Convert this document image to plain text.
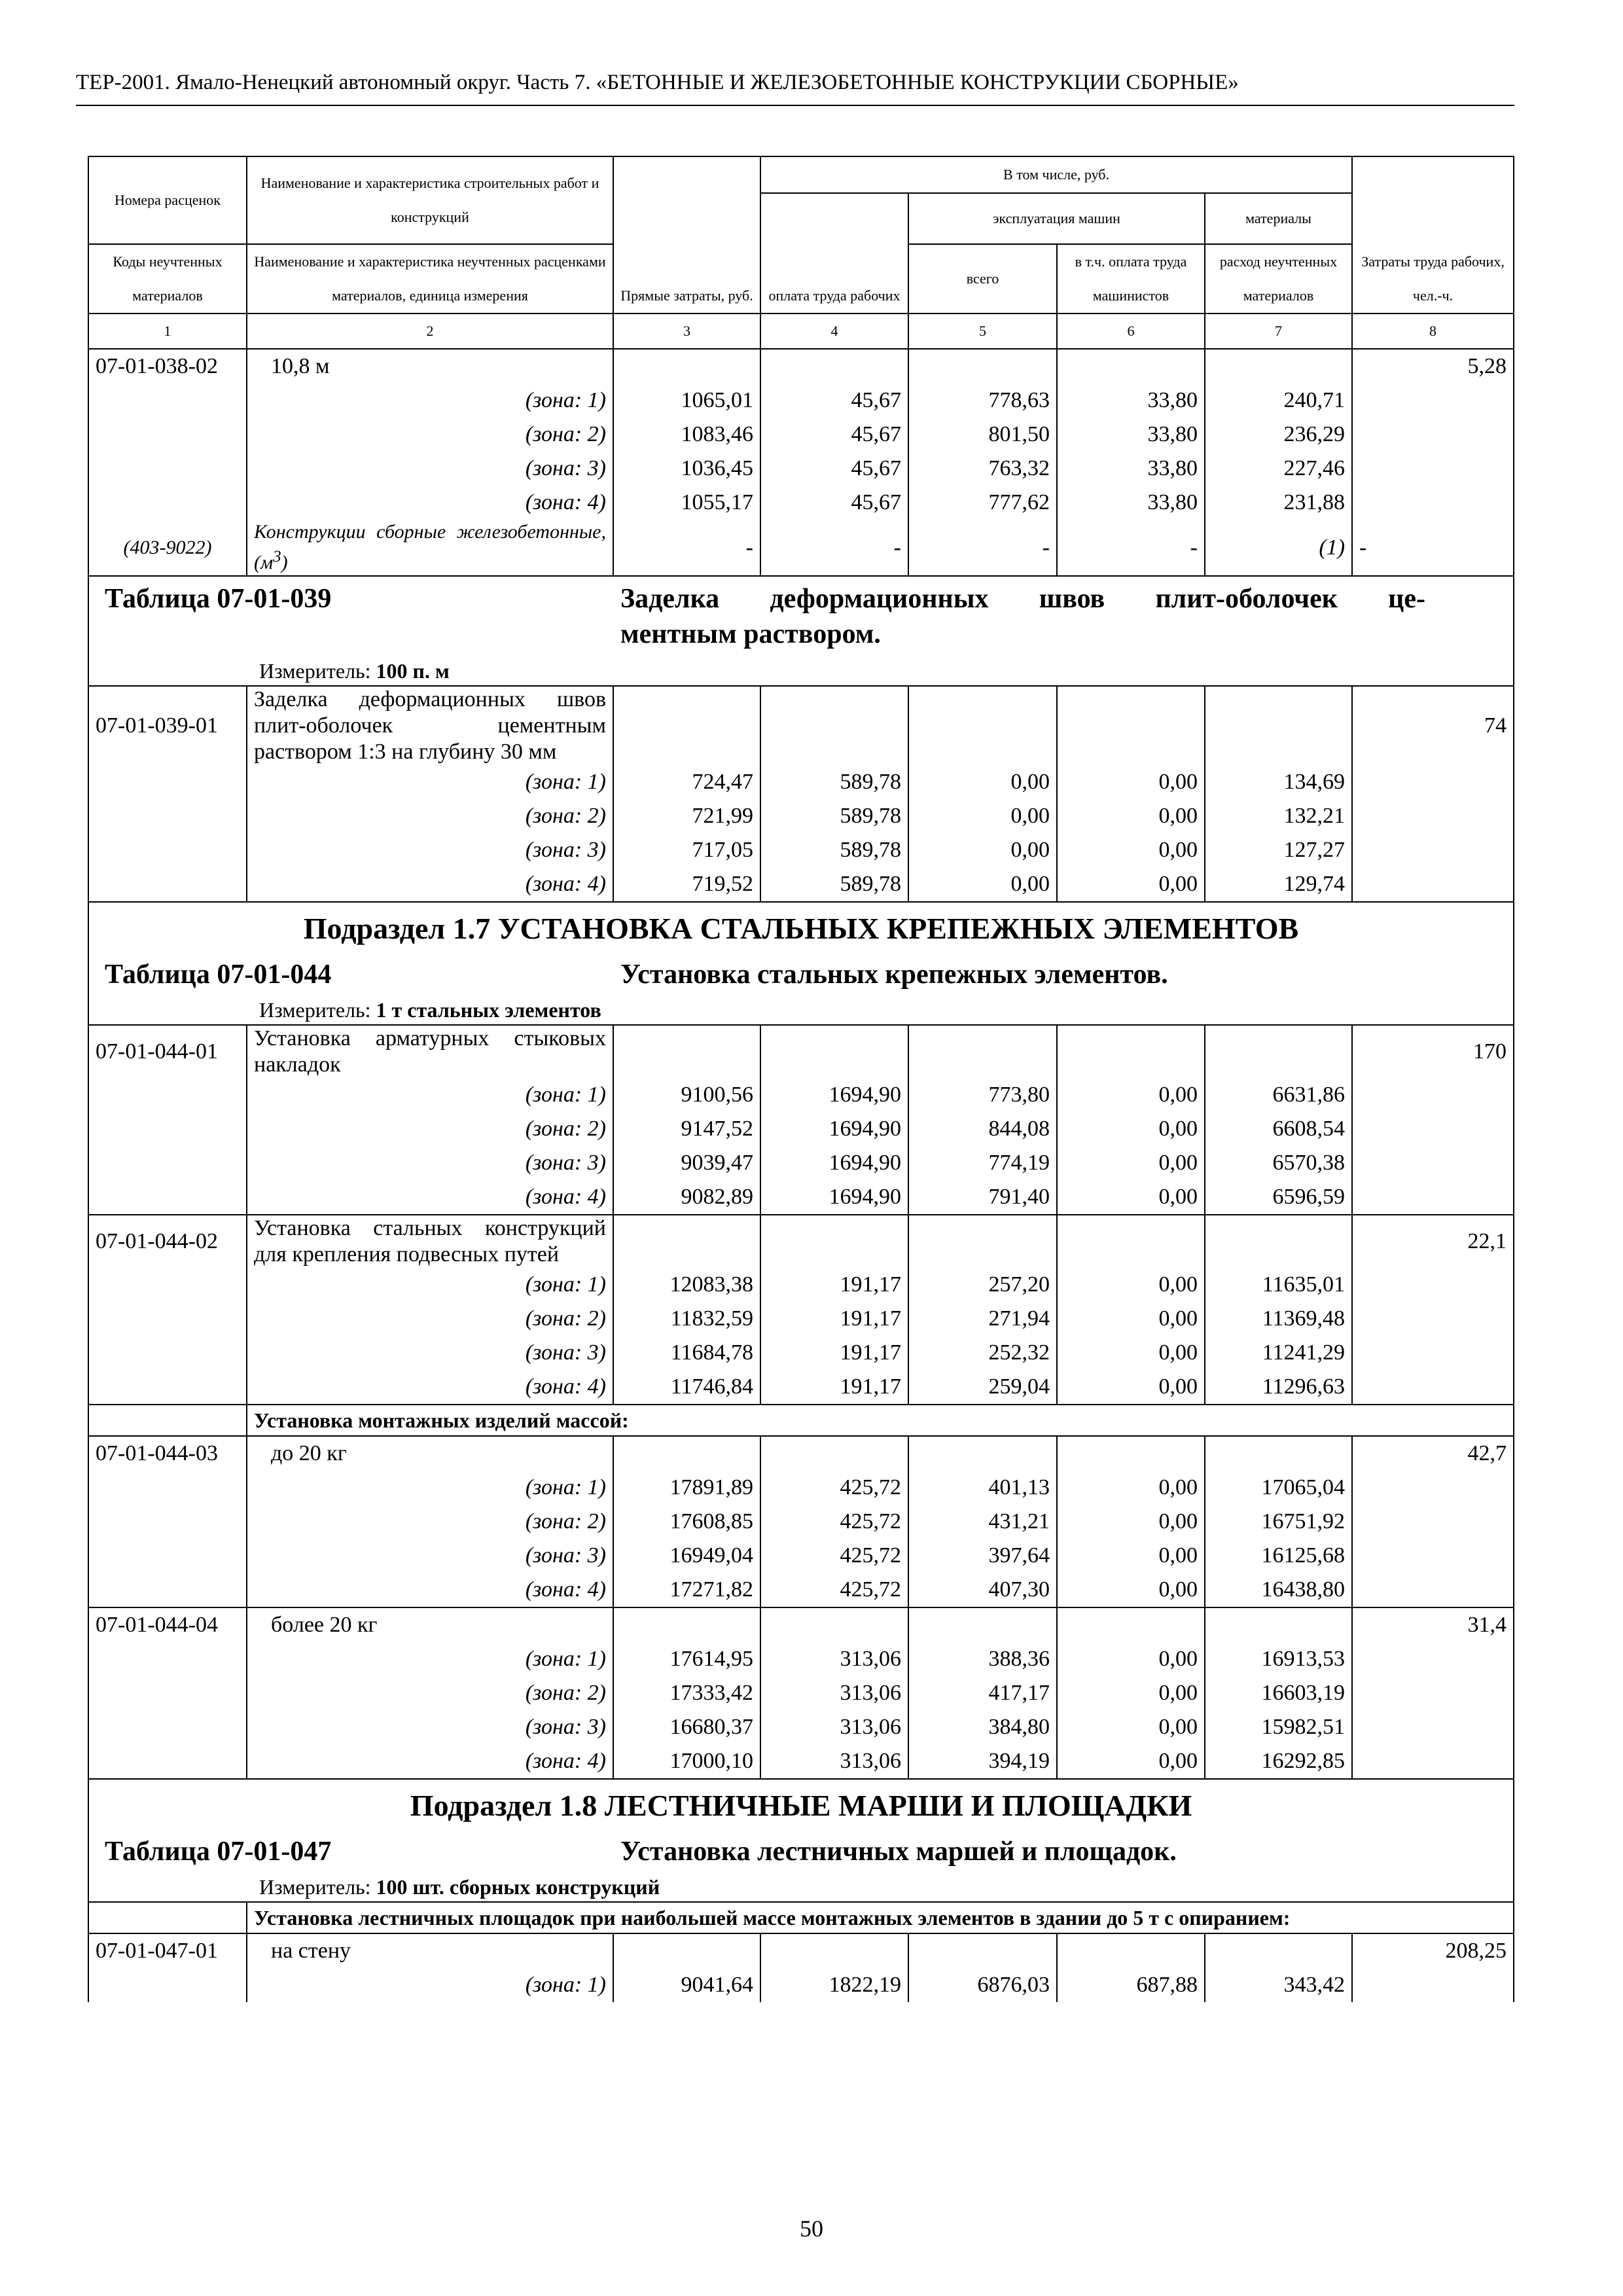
ТЕР-2001. Ямало-Ненецкий автономный округ. Часть 7. «БЕТОННЫЕ И ЖЕЛЕЗОБЕТОННЫЕ КОНСТРУКЦИИ СБОРНЫЕ»
Номера расценок	Наименование и характеристика строительных работ и конструкций	Прямые затраты, руб.	В том числе, руб.				Затраты труда рабочих, чел.-ч.
			оплата труда рабочих	эксплуатация машин		материалы	
Коды неучтенных материалов	Наименование и характеристика неучтенных расценками материалов, единица измерения			всего	в т.ч. оплата труда машинистов	расход неучтенных материалов	
1	2	3	4	5	6	7	8
07-01-038-02	10,8 м						5,28
	(зона: 1)	1065,01	45,67	778,63	33,80	240,71	
	(зона: 2)	1083,46	45,67	801,50	33,80	236,29	
	(зона: 3)	1036,45	45,67	763,32	33,80	227,46	
	(зона: 4)	1055,17	45,67	777,62	33,80	231,88	
(403-9022)	Конструкции сборные железобетонные, $(м^3)$	-	-	-	-	(1)	-

Таблица 07-01-039 Заделка деформационных швов плит-оболочек це-
ментным раствором.							

Измеритель: 100 п. м							

07-01-039-01	Заделка деформационных швов плит-оболочек цементным раствором 1:3 на глубину 30 мм						74
	(зона: 1)	724,47	589,78	0,00	0,00	134,69	
	(зона: 2)	721,99	589,78	0,00	0,00	132,21	
	(зона: 3)	717,05	589,78	0,00	0,00	127,27	
	(зона: 4)	719,52	589,78	0,00	0,00	129,74	

Подраздел 1.7 УСТАНОВКА СТАЛЬНЫХ КРЕПЕЖНЫХ ЭЛЕМЕНТОВ							

Таблица 07-01-044 Установка стальных крепежных элементов.							

Измеритель: 1 т стальных элементов							

07-01-044-01	Установка арматурных стыковых накладок						170
	(зона: 1)	9100,56	1694,90	773,80	0,00	6631,86	
	(зона: 2)	9147,52	1694,90	844,08	0,00	6608,54	
	(зона: 3)	9039,47	1694,90	774,19	0,00	6570,38	
	(зона: 4)	9082,89	1694,90	791,40	0,00	6596,59	
07-01-044-02	Установка стальных конструкций для крепления подвесных путей						22,1
	(зона: 1)	12083,38	191,17	257,20	0,00	11635,01	
	(зона: 2)	11832,59	191,17	271,94	0,00	11369,48	
	(зона: 3)	11684,78	191,17	252,32	0,00	11241,29	
	(зона: 4)	11746,84	191,17	259,04	0,00	11296,63	

	Установка монтажных изделий массой:						

07-01-044-03	до 20 кг						42,7
	(зона: 1)	17891,89	425,72	401,13	0,00	17065,04	
	(зона: 2)	17608,85	425,72	431,21	0,00	16751,92	
	(зона: 3)	16949,04	425,72	397,64	0,00	16125,68	
	(зона: 4)	17271,82	425,72	407,30	0,00	16438,80	
07-01-044-04	более 20 кг						31,4
	(зона: 1)	17614,95	313,06	388,36	0,00	16913,53	
	(зона: 2)	17333,42	313,06	417,17	0,00	16603,19	
	(зона: 3)	16680,37	313,06	384,80	0,00	15982,51	
	(зона: 4)	17000,10	313,06	394,19	0,00	16292,85	

Подраздел 1.8 ЛЕСТНИЧНЫЕ МАРШИ И ПЛОЩАДКИ							

Таблица 07-01-047 Установка лестничных маршей и площадок.							

Измеритель: 100 шт. сборных конструкций							

	Установка лестничных площадок при наибольшей массе монтажных элементов в здании до 5 т с опиранием:						

07-01-047-01	на стену						208,25
	(зона: 1)	9041,64	1822,19	6876,03	687,88	343,42	
50
